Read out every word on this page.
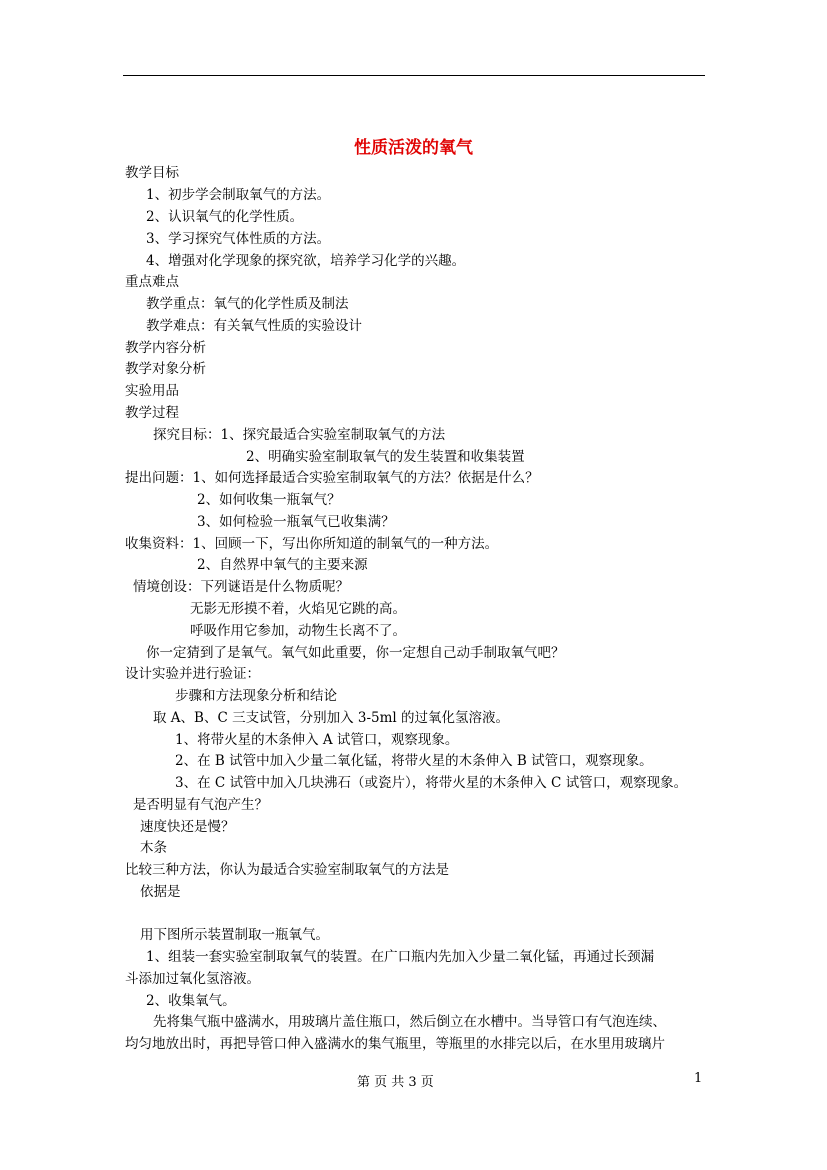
性质活泼的氧气
教学目标
1、初步学会制取氧气的方法。
2、认识氧气的化学性质。
3、学习探究气体性质的方法。
4、增强对化学现象的探究欲，培养学习化学的兴趣。
重点难点
教学重点：氧气的化学性质及制法
教学难点：有关氧气性质的实验设计
教学内容分析
教学对象分析
实验用品
教学过程
探究目标：1、探究最适合实验室制取氧气的方法
2、明确实验室制取氧气的发生装置和收集装置
提出问题：1、如何选择最适合实验室制取氧气的方法？依据是什么？
2、如何收集一瓶氧气？
3、如何检验一瓶氧气已收集满？
收集资料：1、回顾一下，写出你所知道的制氧气的一种方法。
2、自然界中氧气的主要来源
情境创设：下列谜语是什么物质呢？
无影无形摸不着，火焰见它跳的高。
呼吸作用它参加，动物生长离不了。
你一定猜到了是氧气。氧气如此重要，你一定想自己动手制取氧气吧？
设计实验并进行验证：
步骤和方法现象分析和结论
取 A、B、C 三支试管，分别加入 3-5ml 的过氧化氢溶液。
1、将带火星的木条伸入 A 试管口，观察现象。
2、在 B 试管中加入少量二氧化锰，将带火星的木条伸入 B 试管口，观察现象。
3、在 C 试管中加入几块沸石（或瓷片），将带火星的木条伸入 C 试管口，观察现象。
是否明显有气泡产生？
速度快还是慢？
木条
比较三种方法，你认为最适合实验室制取氧气的方法是
依据是
用下图所示装置制取一瓶氧气。
1、组装一套实验室制取氧气的装置。在广口瓶内先加入少量二氧化锰，再通过长颈漏
斗添加过氧化氢溶液。
2、收集氧气。
先将集气瓶中盛满水，用玻璃片盖住瓶口，然后倒立在水槽中。当导管口有气泡连续、
均匀地放出时，再把导管口伸入盛满水的集气瓶里，等瓶里的水排完以后，在水里用玻璃片
第 页 共 3 页	1
